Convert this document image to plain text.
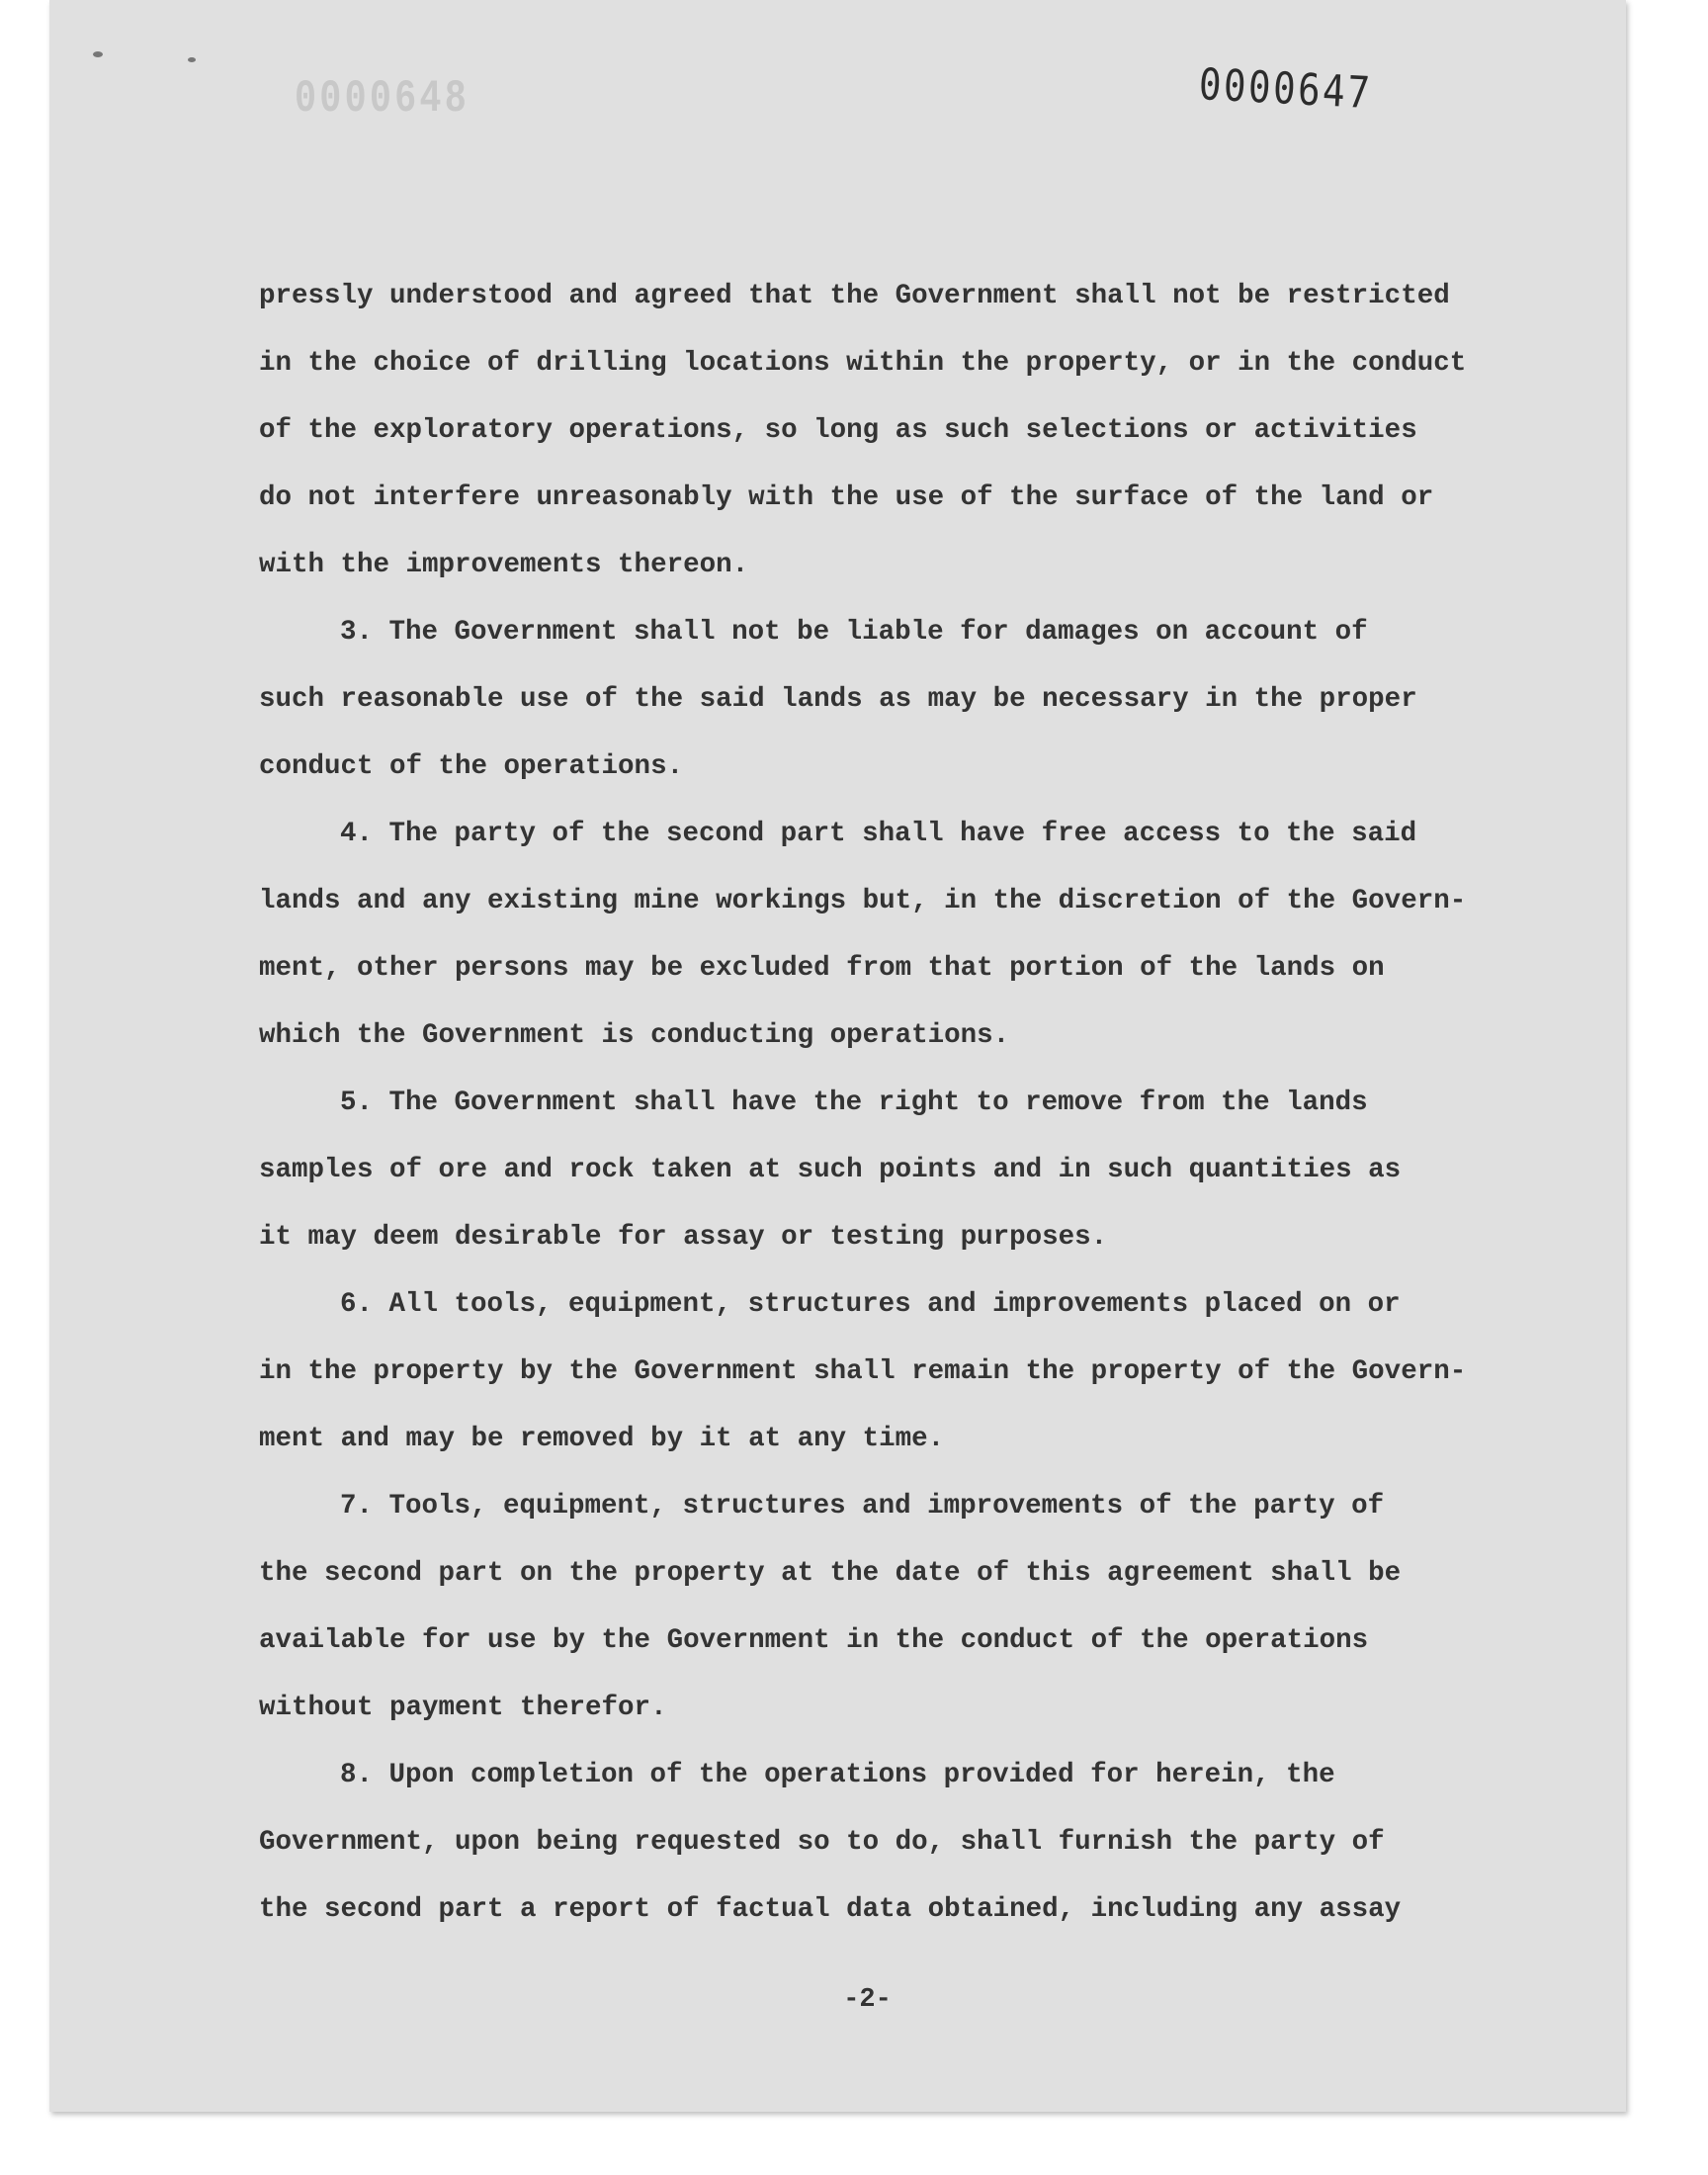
0000648	0000647
pressly understood and agreed that the Government shall not be restricted
in the choice of drilling locations within the property, or in the conduct
of the exploratory operations, so long as such selections or activities
do not interfere unreasonably with the use of the surface of the land or
with the improvements thereon.
3. The Government shall not be liable for damages on account of
such reasonable use of the said lands as may be necessary in the proper
conduct of the operations.
4. The party of the second part shall have free access to the said
lands and any existing mine workings but, in the discretion of the Govern-
ment, other persons may be excluded from that portion of the lands on
which the Government is conducting operations.
5. The Government shall have the right to remove from the lands
samples of ore and rock taken at such points and in such quantities as
it may deem desirable for assay or testing purposes.
6. All tools, equipment, structures and improvements placed on or
in the property by the Government shall remain the property of the Govern-
ment and may be removed by it at any time.
7. Tools, equipment, structures and improvements of the party of
the second part on the property at the date of this agreement shall be
available for use by the Government in the conduct of the operations
without payment therefor.
8. Upon completion of the operations provided for herein, the
Government, upon being requested so to do, shall furnish the party of
the second part a report of factual data obtained, including any assay
-2-
